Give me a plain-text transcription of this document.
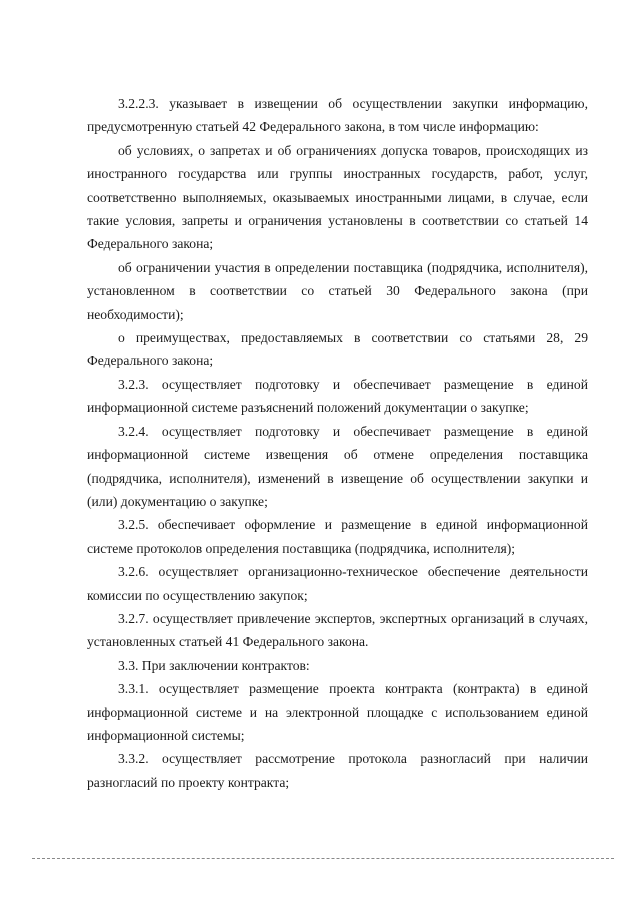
3.2.2.3. указывает в извещении об осуществлении закупки информацию, предусмотренную статьей 42 Федерального закона, в том числе информацию:

об условиях, о запретах и об ограничениях допуска товаров, происходящих из иностранного государства или группы иностранных государств, работ, услуг, соответственно выполняемых, оказываемых иностранными лицами, в случае, если такие условия, запреты и ограничения установлены в соответствии со статьей 14 Федерального закона;

об ограничении участия в определении поставщика (подрядчика, исполнителя), установленном в соответствии со статьей 30 Федерального закона (при необходимости);

о преимуществах, предоставляемых в соответствии со статьями 28, 29 Федерального закона;

3.2.3. осуществляет подготовку и обеспечивает размещение в единой информационной системе разъяснений положений документации о закупке;

3.2.4. осуществляет подготовку и обеспечивает размещение в единой информационной системе извещения об отмене определения поставщика (подрядчика, исполнителя), изменений в извещение об осуществлении закупки и (или) документацию о закупке;

3.2.5. обеспечивает оформление и размещение в единой информационной системе протоколов определения поставщика (подрядчика, исполнителя);

3.2.6. осуществляет организационно-техническое обеспечение деятельности комиссии по осуществлению закупок;

3.2.7. осуществляет привлечение экспертов, экспертных организаций в случаях, установленных статьей 41 Федерального закона.

3.3. При заключении контрактов:

3.3.1. осуществляет размещение проекта контракта (контракта) в единой информационной системе и на электронной площадке с использованием единой информационной системы;

3.3.2. осуществляет рассмотрение протокола разногласий при наличии разногласий по проекту контракта;
